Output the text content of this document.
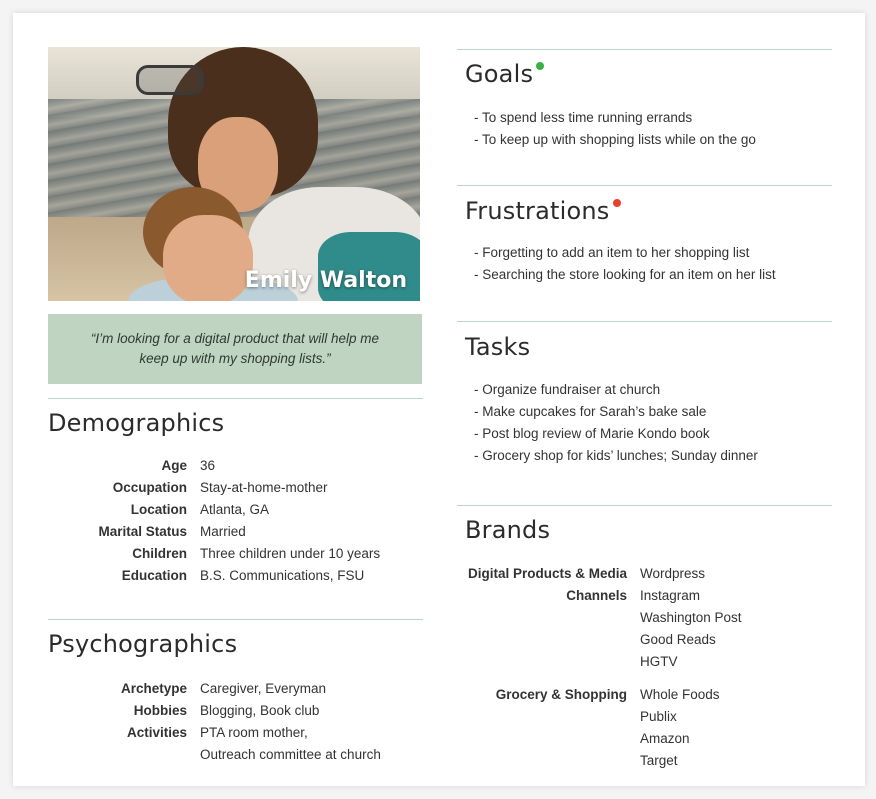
Emily Walton
“I’m looking for a digital product that will help me keep up with my shopping lists.”
Demographics
Age 36
Occupation Stay-at-home-mother
Location Atlanta, GA
Marital Status Married
Children Three children under 10 years
Education B.S. Communications, FSU
Psychographics
Archetype Caregiver, Everyman
Hobbies Blogging, Book club
Activities PTA room mother,
Outreach committee at church
Goals
- To spend less time running errands
- To keep up with shopping lists while on the go
Frustrations
- Forgetting to add an item to her shopping list
- Searching the store looking for an item on her list
Tasks
- Organize fundraiser at church
- Make cupcakes for Sarah’s bake sale
- Post blog review of Marie Kondo book
- Grocery shop for kids’ lunches; Sunday dinner
Brands
Digital Products & Media
Channels
Wordpress
Instagram
Washington Post
Good Reads
HGTV
Grocery & Shopping Whole Foods
Publix
Amazon
Target
